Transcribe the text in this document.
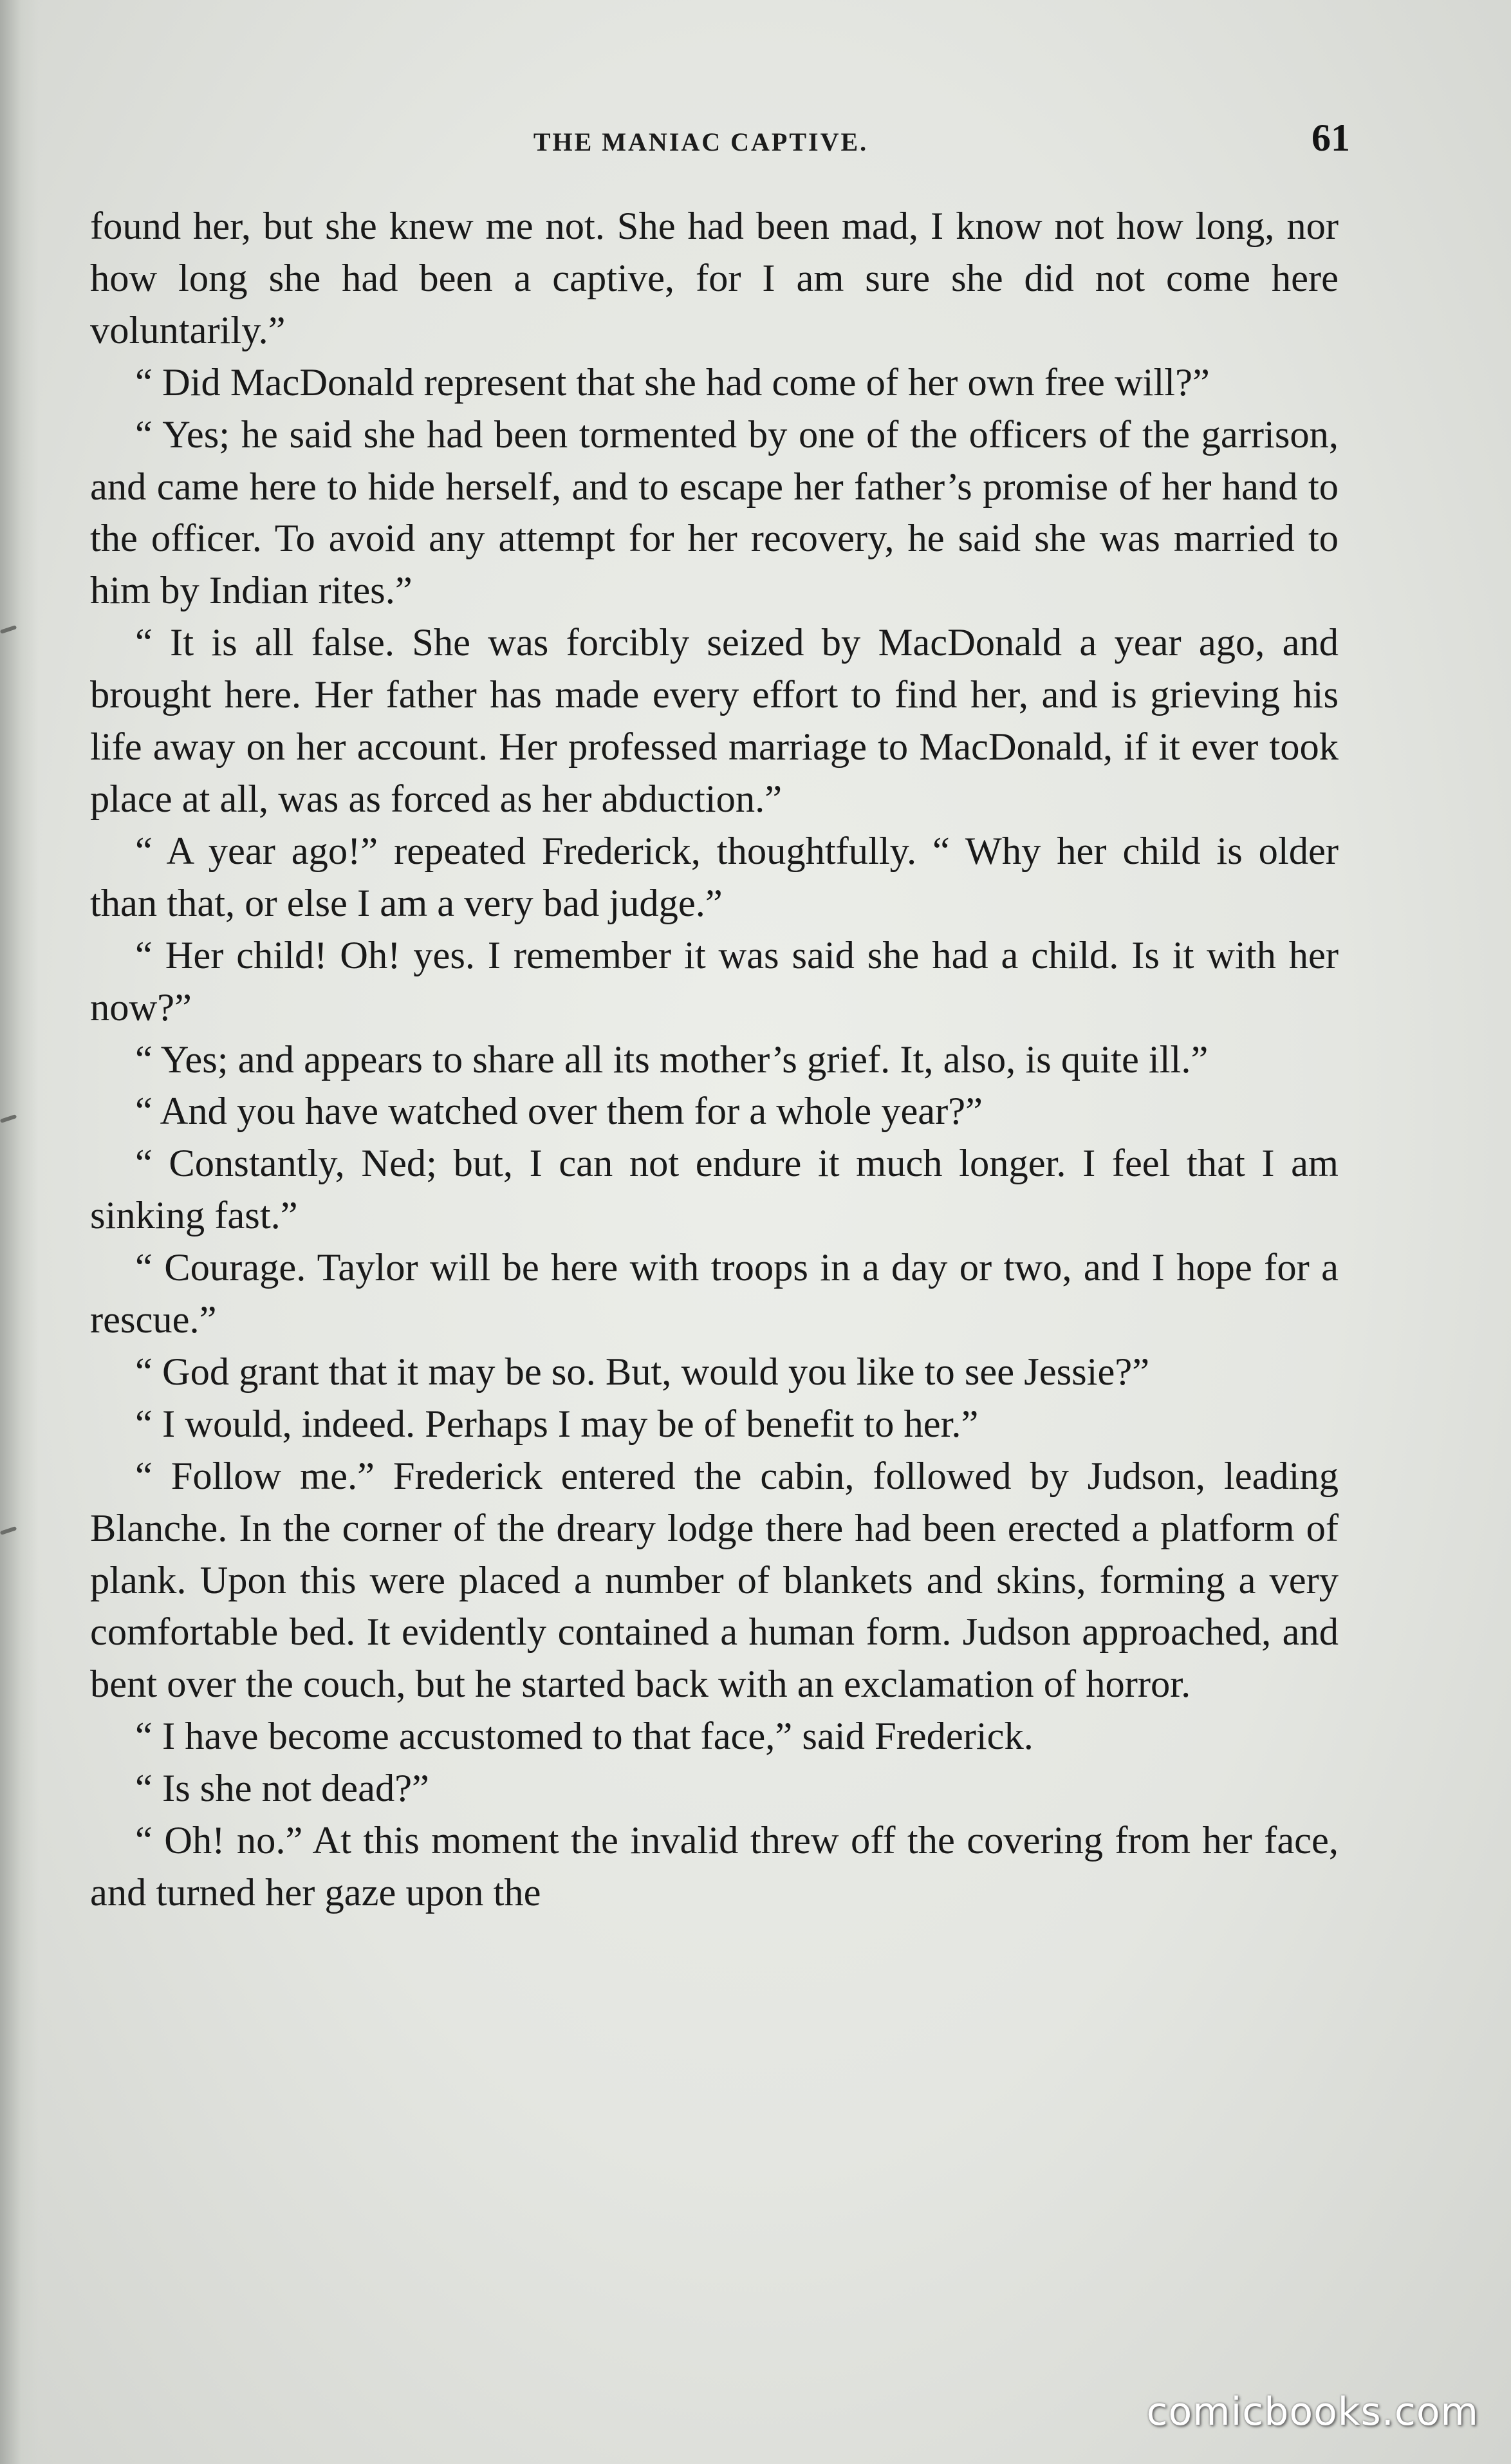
THE MANIAC CAPTIVE.	61

found her, but she knew me not. She had been mad, I know not how long, nor how long she had been a captive, for I am sure she did not come here voluntarily.”

“ Did MacDonald represent that she had come of her own free will?”

“ Yes; he said she had been tormented by one of the officers of the garrison, and came here to hide herself, and to escape her father’s promise of her hand to the officer. To avoid any attempt for her recovery, he said she was married to him by Indian rites.”

“ It is all false. She was forcibly seized by MacDonald a year ago, and brought here. Her father has made every effort to find her, and is grieving his life away on her account. Her professed marriage to MacDonald, if it ever took place at all, was as forced as her abduction.”

“ A year ago!” repeated Frederick, thoughtfully. “ Why her child is older than that, or else I am a very bad judge.”

“ Her child! Oh! yes. I remember it was said she had a child. Is it with her now?”

“ Yes; and appears to share all its mother’s grief. It, also, is quite ill.”

“ And you have watched over them for a whole year?”

“ Constantly, Ned; but, I can not endure it much longer. I feel that I am sinking fast.”

“ Courage. Taylor will be here with troops in a day or two, and I hope for a rescue.”

“ God grant that it may be so. But, would you like to see Jessie?”

“ I would, indeed. Perhaps I may be of benefit to her.”

“ Follow me.” Frederick entered the cabin, followed by Judson, leading Blanche. In the corner of the dreary lodge there had been erected a platform of plank. Upon this were placed a number of blankets and skins, forming a very comfortable bed. It evidently contained a human form. Judson approached, and bent over the couch, but he started back with an exclamation of horror.

“ I have become accustomed to that face,” said Frederick.

“ Is she not dead?”

“ Oh! no.” At this moment the invalid threw off the covering from her face, and turned her gaze upon the

comicbooks.com
